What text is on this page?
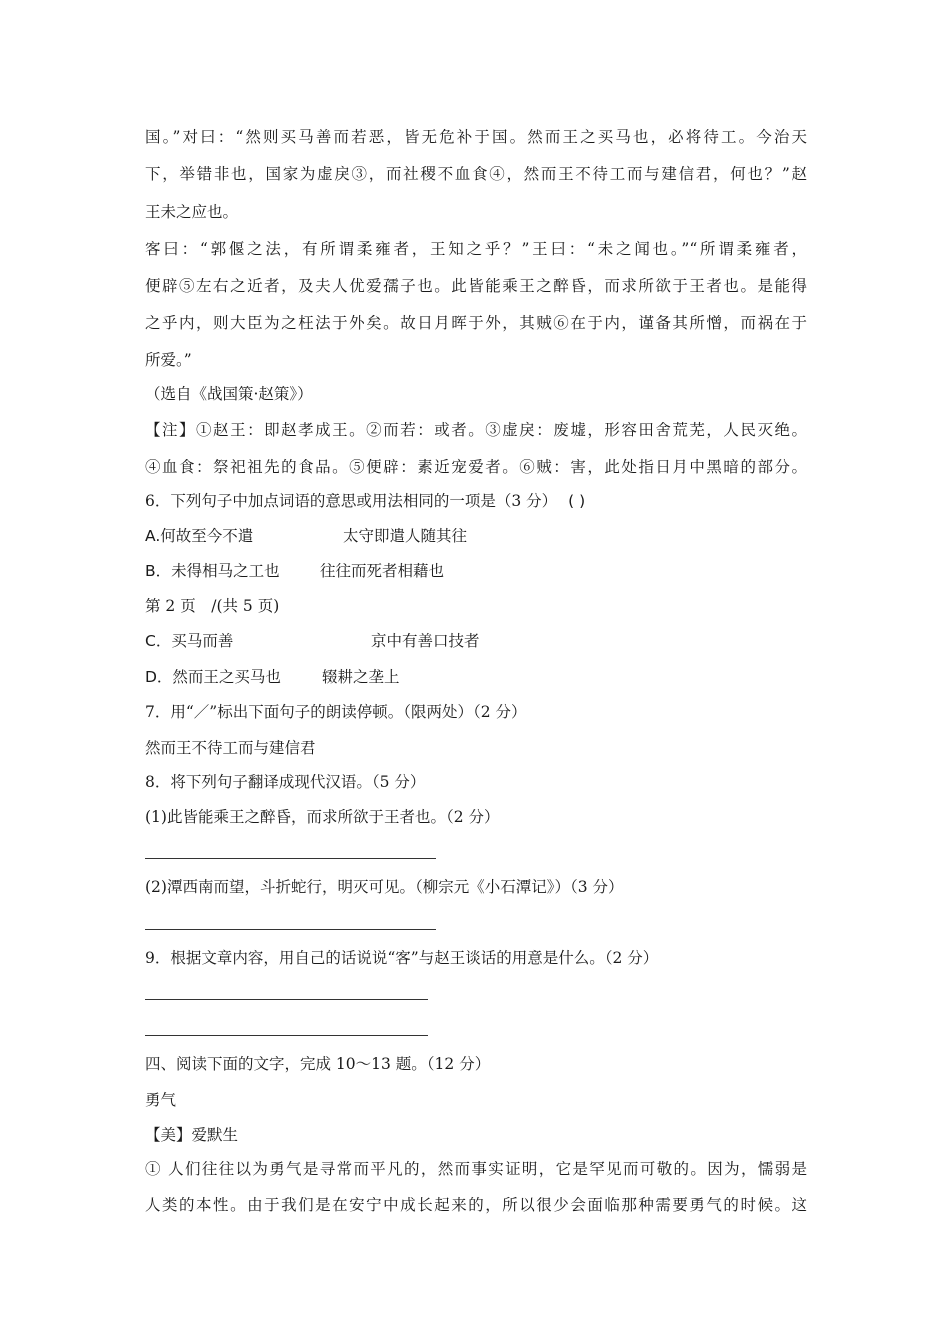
国。”对曰：“然则买马善而若恶，皆无危补于国。然而王之买马也，必将待工。今治天
下，举错非也，国家为虚戾③，而社稷不血食④，然而王不待工而与建信君，何也？”赵
王未之应也。
客曰：“郭偃之法，有所谓柔雍者，王知之乎？”王曰：“未之闻也。”“所谓柔雍者，
便辟⑤左右之近者，及夫人优爱孺子也。此皆能乘王之醉昏，而求所欲于王者也。是能得
之乎内，则大臣为之枉法于外矣。故日月晖于外，其贼⑥在于内，谨备其所憎，而祸在于
所爱。”
（选自《战国策·赵策》）
【注】①赵王：即赵孝成王。②而若：或者。③虚戾：废墟，形容田舍荒芜，人民灭绝。
④血食：祭祀祖先的食品。⑤便辟：素近宠爱者。⑥贼：害，此处指日月中黑暗的部分。
6．下列句子中加点词语的意思或用法相同的一项是（3 分） ( )
A.何故至今不遣	太守即遣人随其往
B．未得相马之工也	往往而死者相藉也
第 2 页　/(共 5 页)
C．买马而善	京中有善口技者
D．然而王之买马也	辍耕之垄上
7．用“／”标出下面句子的朗读停顿。（限两处）（2 分）
然而王不待工而与建信君
8．将下列句子翻译成现代汉语。（5 分）
(1)此皆能乘王之醉昏，而求所欲于王者也。（2 分）
(2)潭西南而望，斗折蛇行，明灭可见。（柳宗元《小石潭记》）（3 分）
9．根据文章内容，用自己的话说说“客”与赵王谈话的用意是什么。（2 分）
四、阅读下面的文字，完成 10～13 题。（12 分）
勇气
【美】爱默生
① 人们往往以为勇气是寻常而平凡的，然而事实证明，它是罕见而可敬的。因为，懦弱是
人类的本性。由于我们是在安宁中成长起来的，所以很少会面临那种需要勇气的时候。这
